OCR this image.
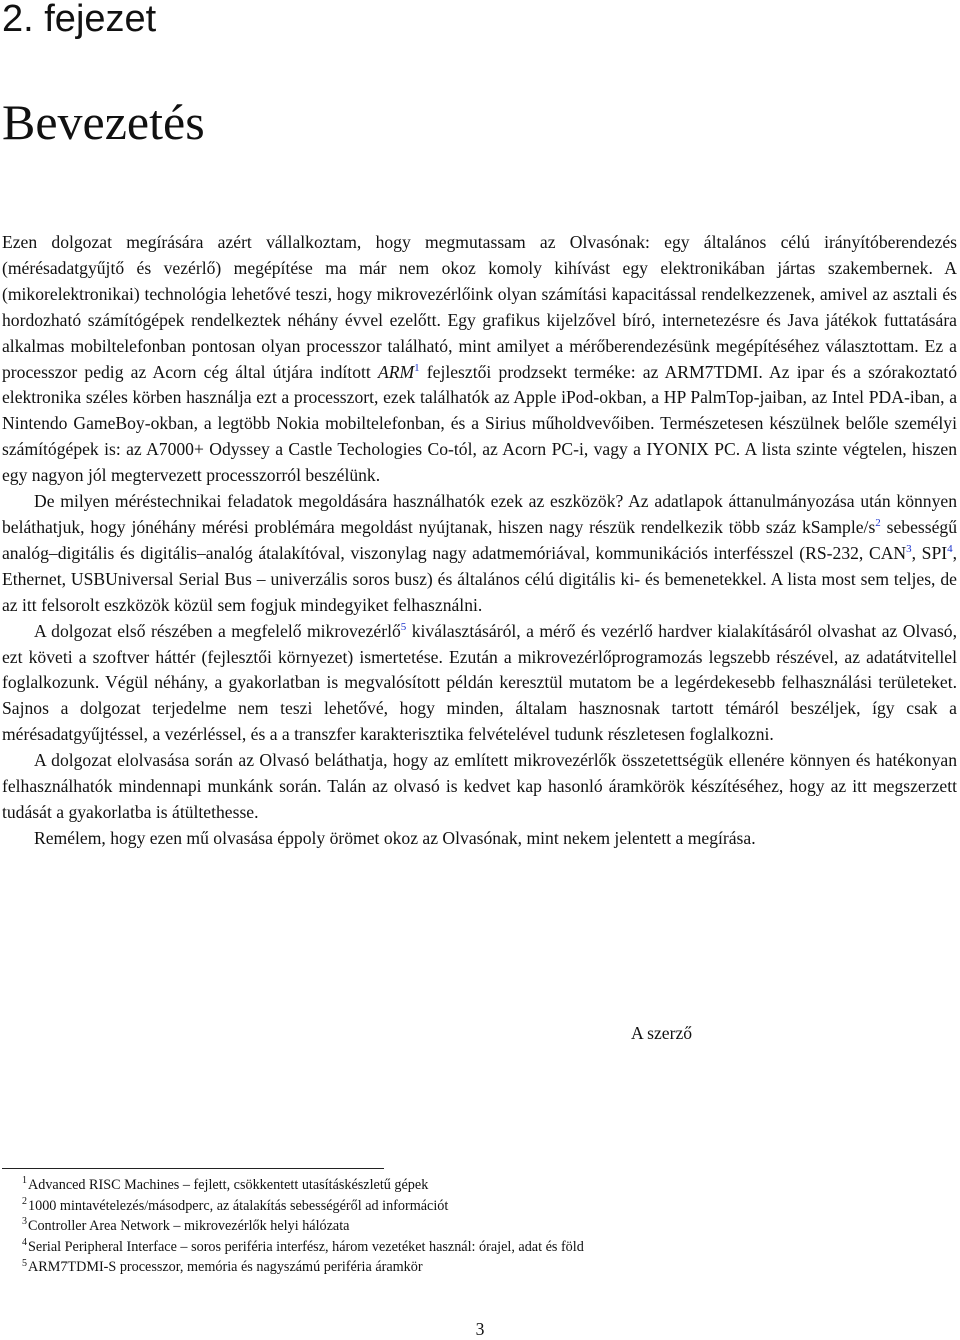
2. fejezet
Bevezetés

Ezen dolgozat megírására azért vállalkoztam, hogy megmutassam az Olvasónak: egy általános célú irányítóberendezés (mérésadatgyűjtő és vezérlő) megépítése ma már nem okoz komoly kihívást egy elektronikában jártas szakembernek. A (mikorelektronikai) technológia lehetővé teszi, hogy mikrovezérlőink olyan számítási kapacitással rendelkezzenek, amivel az asztali és hordozható számítógépek rendelkeztek néhány évvel ezelőtt. Egy grafikus kijelzővel bíró, internetezésre és Java játékok futtatására alkalmas mobiltelefonban pontosan olyan processzor található, mint amilyet a mérőberendezésünk megépítéséhez választottam. Ez a processzor pedig az Acorn cég által útjára indított ARM$^1$ fejlesztői prodzsekt terméke: az ARM7TDMI. Az ipar és a szórakoztató elektronika széles körben használja ezt a processzort, ezek találhatók az Apple iPod-okban, a HP PalmTop-jaiban, az Intel PDA-iban, a Nintendo GameBoy-okban, a legtöbb Nokia mobiltelefonban, és a Sirius műholdvevőiben. Természetesen készülnek belőle személyi számítógépek is: az A7000+ Odyssey a Castle Techologies Co-tól, az Acorn PC-i, vagy a IYONIX PC. A lista szinte végtelen, hiszen egy nagyon jól megtervezett processzorról beszélünk.

De milyen méréstechnikai feladatok megoldására használhatók ezek az eszközök? Az adatlapok áttanulmányozása után könnyen beláthatjuk, hogy jónéhány mérési problémára megoldást nyújtanak, hiszen nagy részük rendelkezik több száz kSample/$s^2$ sebességű analóg–digitális és digitális–analóg átalakítóval, viszonylag nagy adatmemóriával, kommunikációs interfésszel (RS-232, CAN$^3$, SPI$^4$, Ethernet, USBUniversal Serial Bus – univerzális soros busz) és általános célú digitális ki- és bemenetekkel. A lista most sem teljes, de az itt felsorolt eszközök közül sem fogjuk mindegyiket felhasználni.

A dolgozat első részében a megfelelő mikrovezérlő$^5$ kiválasztásáról, a mérő és vezérlő hardver kialakításáról olvashat az Olvasó, ezt követi a szoftver háttér (fejlesztői környezet) ismertetése. Ezután a mikrovezérlőprogramozás legszebb részével, az adatátvitellel foglalkozunk. Végül néhány, a gyakorlatban is megvalósított példán keresztül mutatom be a legérdekesebb felhasználási területeket. Sajnos a dolgozat terjedelme nem teszi lehetővé, hogy minden, általam hasznosnak tartott témáról beszéljek, így csak a mérésadatgyűjtéssel, a vezérléssel, és a a transzfer karakterisztika felvételével tudunk részletesen foglalkozni.

A dolgozat elolvasása során az Olvasó beláthatja, hogy az említett mikrovezérlők összetettségük ellenére könnyen és hatékonyan felhasználhatók mindennapi munkánk során. Talán az olvasó is kedvet kap hasonló áramkörök készítéséhez, hogy az itt megszerzett tudását a gyakorlatba is átültethesse.

Remélem, hogy ezen mű olvasása éppoly örömet okoz az Olvasónak, mint nekem jelentett a megírása.

A szerző
$^1$Advanced RISC Machines – fejlett, csökkentett utasításkészletű gépek
$^2$1000 mintavételezés/másodperc, az átalakítás sebességéről ad információt
$^3$Controller Area Network – mikrovezérlők helyi hálózata
$^4$Serial Peripheral Interface – soros periféria interfész, három vezetéket használ: órajel, adat és föld
$^5$ARM7TDMI-S processzor, memória és nagyszámú periféria áramkör
3
